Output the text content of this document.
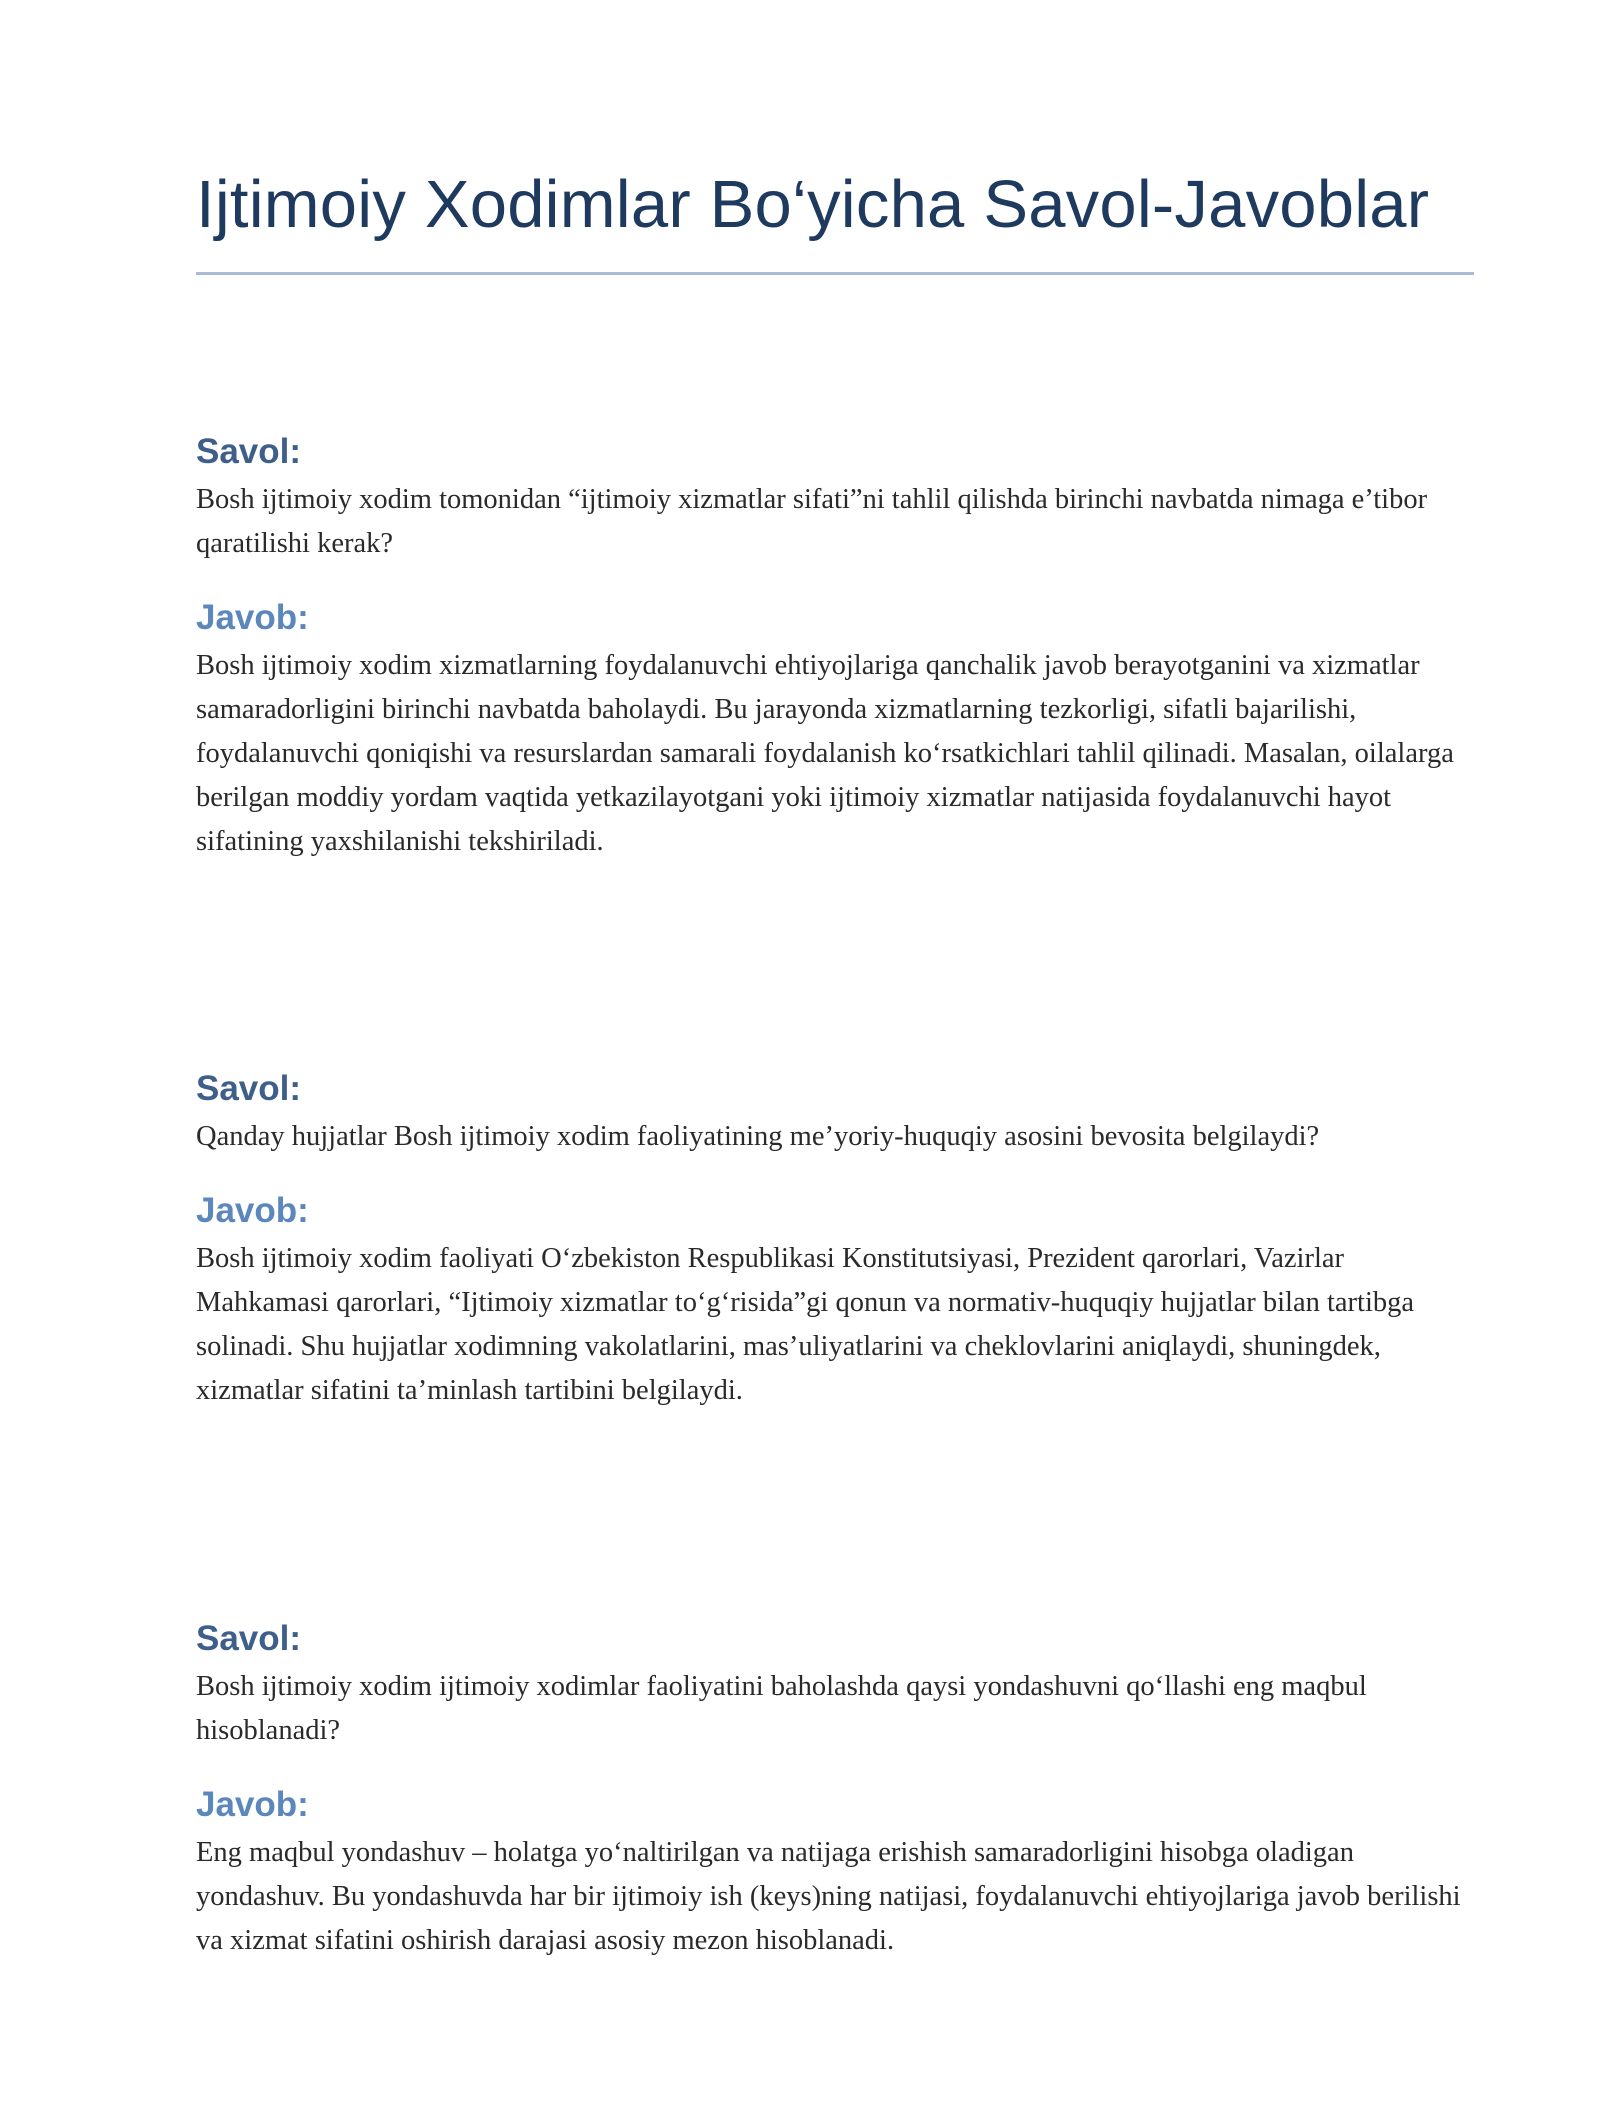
Ijtimoiy Xodimlar Bo‘yicha Savol-Javoblar

Savol:

Bosh ijtimoiy xodim tomonidan “ijtimoiy xizmatlar sifati”ni tahlil qilishda birinchi navbatda nimaga e’tibor qaratilishi kerak?

Javob:

Bosh ijtimoiy xodim xizmatlarning foydalanuvchi ehtiyojlariga qanchalik javob berayotganini va xizmatlar samaradorligini birinchi navbatda baholaydi. Bu jarayonda xizmatlarning tezkorligi, sifatli bajarilishi, foydalanuvchi qoniqishi va resurslardan samarali foydalanish ko‘rsatkichlari tahlil qilinadi. Masalan, oilalarga berilgan moddiy yordam vaqtida yetkazilayotgani yoki ijtimoiy xizmatlar natijasida foydalanuvchi hayot sifatining yaxshilanishi tekshiriladi.

Savol:

Qanday hujjatlar Bosh ijtimoiy xodim faoliyatining me’yoriy-huquqiy asosini bevosita belgilaydi?

Javob:

Bosh ijtimoiy xodim faoliyati O‘zbekiston Respublikasi Konstitutsiyasi, Prezident qarorlari, Vazirlar Mahkamasi qarorlari, “Ijtimoiy xizmatlar to‘g‘risida”gi qonun va normativ-huquqiy hujjatlar bilan tartibga solinadi. Shu hujjatlar xodimning vakolatlarini, mas’uliyatlarini va cheklovlarini aniqlaydi, shuningdek, xizmatlar sifatini ta’minlash tartibini belgilaydi.

Savol:

Bosh ijtimoiy xodim ijtimoiy xodimlar faoliyatini baholashda qaysi yondashuvni qo‘llashi eng maqbul hisoblanadi?

Javob:

Eng maqbul yondashuv – holatga yo‘naltirilgan va natijaga erishish samaradorligini hisobga oladigan yondashuv. Bu yondashuvda har bir ijtimoiy ish (keys)ning natijasi, foydalanuvchi ehtiyojlariga javob berilishi va xizmat sifatini oshirish darajasi asosiy mezon hisoblanadi.
